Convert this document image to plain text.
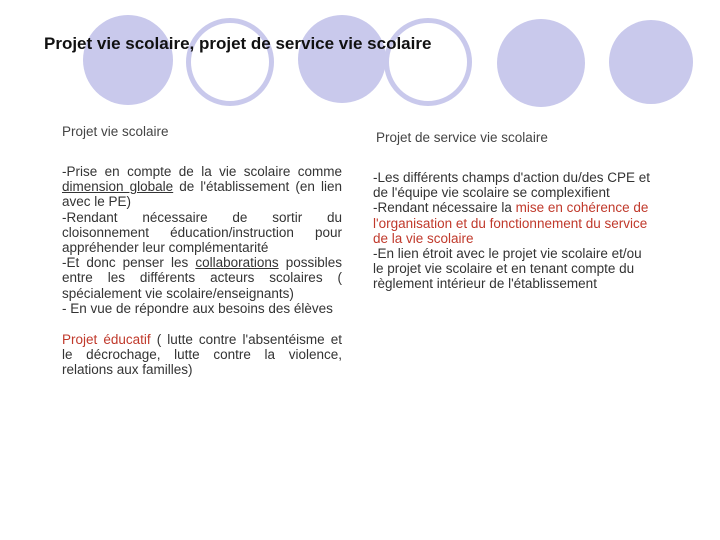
Projet vie scolaire, projet de service vie scolaire
Projet vie scolaire	Projet de service vie scolaire

-Prise en compte de la vie scolaire comme dimension globale de l'établissement (en lien avec le PE)

-Rendant nécessaire de sortir du cloisonnement éducation/instruction pour appréhender leur complémentarité

-Et donc penser les collaborations possibles entre les différents acteurs scolaires ( spécialement vie scolaire/enseignants)

- En vue de répondre aux besoins des élèves

Projet éducatif ( lutte contre l'absentéisme et le décrochage, lutte contre la violence, relations aux familles)

-Les différents champs d'action du/des CPE et de l'équipe vie scolaire se complexifient

-Rendant nécessaire la mise en cohérence de l'organisation et du fonctionnement du service de la vie scolaire

-En lien étroit avec le projet vie scolaire et/ou le projet vie scolaire et en tenant compte du règlement intérieur de l'établissement
